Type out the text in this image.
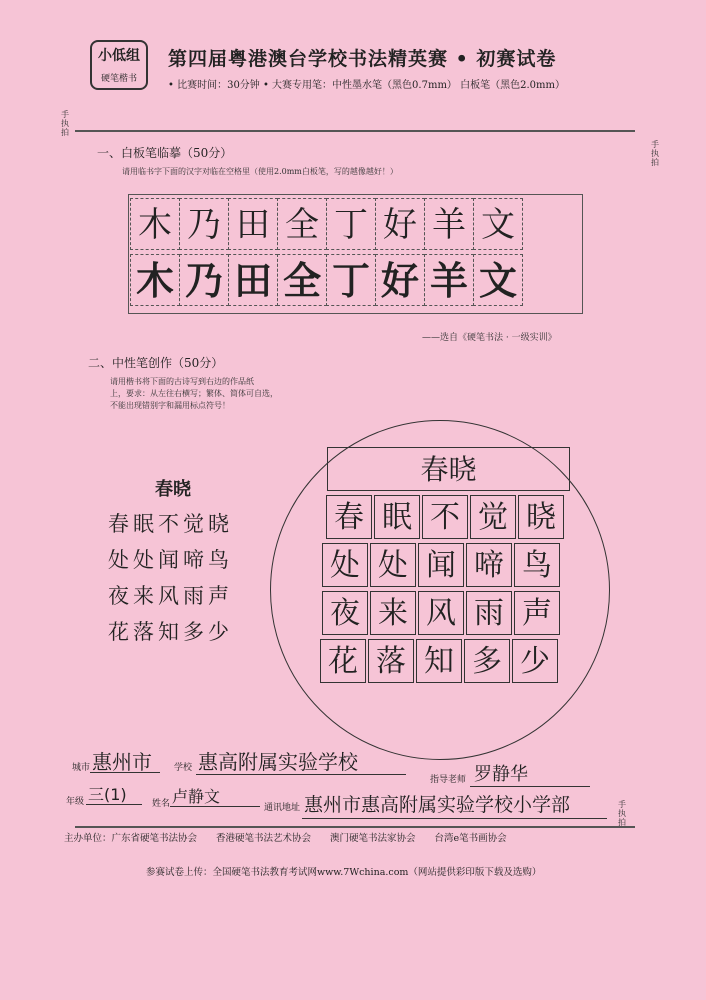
小低组
硬笔楷书
第四届粤港澳台学校书法精英赛 • 初赛试卷
• 比赛时间：30分钟 • 大赛专用笔：中性墨水笔（黑色0.7mm） 白板笔（黑色2.0mm）
手执拍
手执拍
手执拍
一、白板笔临摹（50分）
请用临书字下面的汉字对临在空格里（使用2.0mm白板笔，写的越像越好！）
木 乃 田 全 丁 好 羊 文
木 乃 田 全 丁 好 羊 文
——选自《硬笔书法 · 一级实训》
二、中性笔创作（50分）
请用楷书将下面的古诗写到右边的作品纸
上，要求：从左往右横写；繁体、简体可自选，
不能出现错别字和漏用标点符号！
春晓
春眠不觉晓
处处闻啼鸟
夜来风雨声
花落知多少
春晓
春 眠 不 觉 晓
处 处 闻 啼 鸟
夜 来 风 雨 声
花 落 知 多 少
城市 惠州市 学校 惠高附属实验学校
指导老师 罗静华
年级 三(1)	姓名 卢静文
通讯地址 惠州市惠高附属实验学校小学部
主办单位：广东省硬笔书法协会　　香港硬笔书法艺术协会　　澳门硬笔书法家协会　　台湾e笔书画协会
参赛试卷上传：全国硬笔书法教育考试网www.7Wchina.com（网站提供彩印版下载及选购）
